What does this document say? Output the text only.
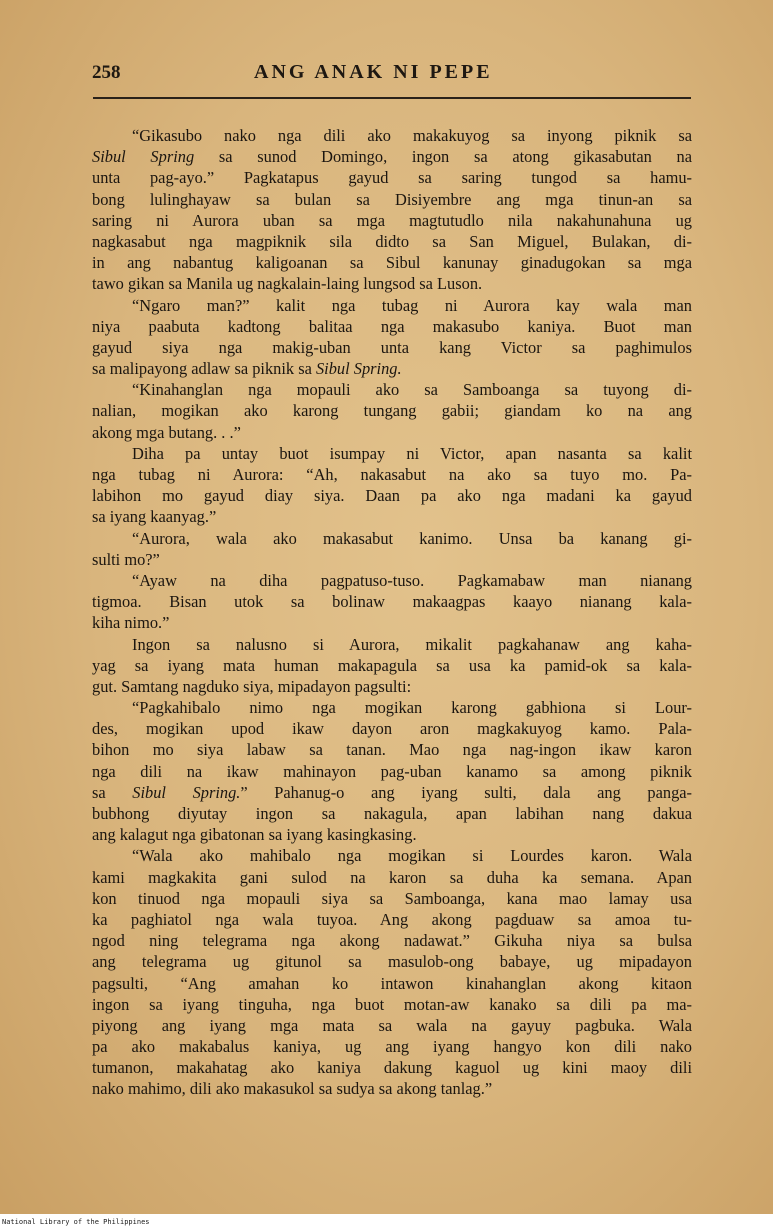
258	ANG ANAK NI PEPE
“Gikasubo nako nga dili ako makakuyog sa inyong piknik sa
Sibul Spring sa sunod Domingo, ingon sa atong gikasabutan na
unta pag-ayo.” Pagkatapus gayud sa saring tungod sa hamu-
bong lulinghayaw sa bulan sa Disiyembre ang mga tinun-an sa
saring ni Aurora uban sa mga magtutudlo nila nakahunahuna ug
nagkasabut nga magpiknik sila didto sa San Miguel, Bulakan, di-
in ang nabantug kaligoanan sa Sibul kanunay ginadugokan sa mga
tawo gikan sa Manila ug nagkalain-laing lungsod sa Luson.
“Ngaro man?” kalit nga tubag ni Aurora kay wala man
niya paabuta kadtong balitaa nga makasubo kaniya. Buot man
gayud siya nga makig-uban unta kang Victor sa paghimulos
sa malipayong adlaw sa piknik sa Sibul Spring.
“Kinahanglan nga mopauli ako sa Samboanga sa tuyong di-
nalian, mogikan ako karong tungang gabii; giandam ko na ang
akong mga butang. . .”
Diha pa untay buot isumpay ni Victor, apan nasanta sa kalit
nga tubag ni Aurora: “Ah, nakasabut na ako sa tuyo mo. Pa-
labihon mo gayud diay siya. Daan pa ako nga madani ka gayud
sa iyang kaanyag.”
“Aurora, wala ako makasabut kanimo. Unsa ba kanang gi-
sulti mo?”
“Ayaw na diha pagpatuso-tuso. Pagkamabaw man nianang
tigmoa. Bisan utok sa bolinaw makaagpas kaayo nianang kala-
kiha nimo.”
Ingon sa nalusno si Aurora, mikalit pagkahanaw ang kaha-
yag sa iyang mata human makapagula sa usa ka pamid-ok sa kala-
gut. Samtang nagduko siya, mipadayon pagsulti:
“Pagkahibalo nimo nga mogikan karong gabhiona si Lour-
des, mogikan upod ikaw dayon aron magkakuyog kamo. Pala-
bihon mo siya labaw sa tanan. Mao nga nag-ingon ikaw karon
nga dili na ikaw mahinayon pag-uban kanamo sa among piknik
sa Sibul Spring.” Pahanug-o ang iyang sulti, dala ang panga-
bubhong diyutay ingon sa nakagula, apan labihan nang dakua
ang kalagut nga gibatonan sa iyang kasingkasing.
“Wala ako mahibalo nga mogikan si Lourdes karon. Wala
kami magkakita gani sulod na karon sa duha ka semana. Apan
kon tinuod nga mopauli siya sa Samboanga, kana mao lamay usa
ka paghiatol nga wala tuyoa. Ang akong pagduaw sa amoa tu-
ngod ning telegrama nga akong nadawat.” Gikuha niya sa bulsa
ang telegrama ug gitunol sa masulob-ong babaye, ug mipadayon
pagsulti, “Ang amahan ko intawon kinahanglan akong kitaon
ingon sa iyang tinguha, nga buot motan-aw kanako sa dili pa ma-
piyong ang iyang mga mata sa wala na gayuy pagbuka. Wala
pa ako makabalus kaniya, ug ang iyang hangyo kon dili nako
tumanon, makahatag ako kaniya dakung kaguol ug kini maoy dili
nako mahimo, dili ako makasukol sa sudya sa akong tanlag.”
National Library of the Philippines
